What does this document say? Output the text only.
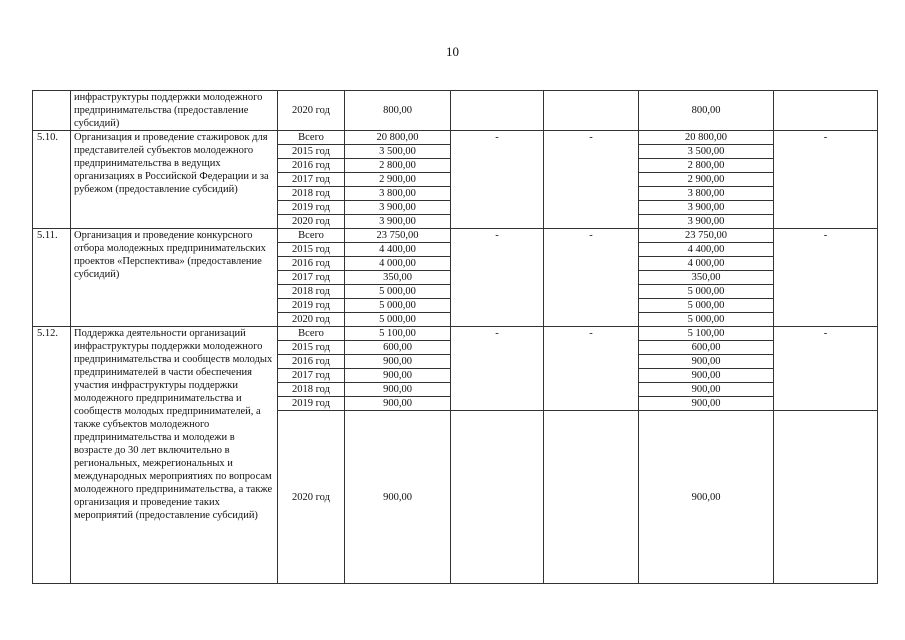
10
	инфраструктуры поддержки молодежного предпринимательства (предоставление субсидий)	2020 год	800,00			800,00	
5.10.	Организация и проведение стажировок для представителей субъектов молодежного предпринимательства в ведущих организациях в Российской Федерации и за рубежом (предоставление субсидий)	Всего	20 800,00	-	-	20 800,00	-
		2015 год	3 500,00			3 500,00	
		2016 год	2 800,00			2 800,00	
		2017 год	2 900,00			2 900,00	
		2018 год	3 800,00			3 800,00	
		2019 год	3 900,00			3 900,00	
		2020 год	3 900,00			3 900,00	
5.11.	Организация и проведение конкурсного отбора молодежных предпринимательских проектов «Перспектива» (предоставление субсидий)	Всего	23 750,00	-	-	23 750,00	-
		2015 год	4 400,00			4 400,00	
		2016 год	4 000,00			4 000,00	
		2017 год	350,00			350,00	
		2018 год	5 000,00			5 000,00	
		2019 год	5 000,00			5 000,00	
		2020 год	5 000,00			5 000,00	
5.12.	Поддержка деятельности организаций инфраструктуры поддержки молодежного предпринимательства и сообществ молодых предпринимателей в части обеспечения участия инфраструктуры поддержки молодежного предпринимательства и сообществ молодых предпринимателей, а также субъектов молодежного предпринимательства и молодежи в возрасте до 30 лет включительно в региональных, межрегиональных и международных мероприятиях по вопросам молодежного предпринимательства, а также организация и проведение таких мероприятий (предоставление субсидий)	Всего	5 100,00	-	-	5 100,00	-
		2015 год	600,00			600,00	
		2016 год	900,00			900,00	
		2017 год	900,00			900,00	
		2018 год	900,00			900,00	
		2019 год	900,00			900,00	
		2020 год	900,00			900,00	
